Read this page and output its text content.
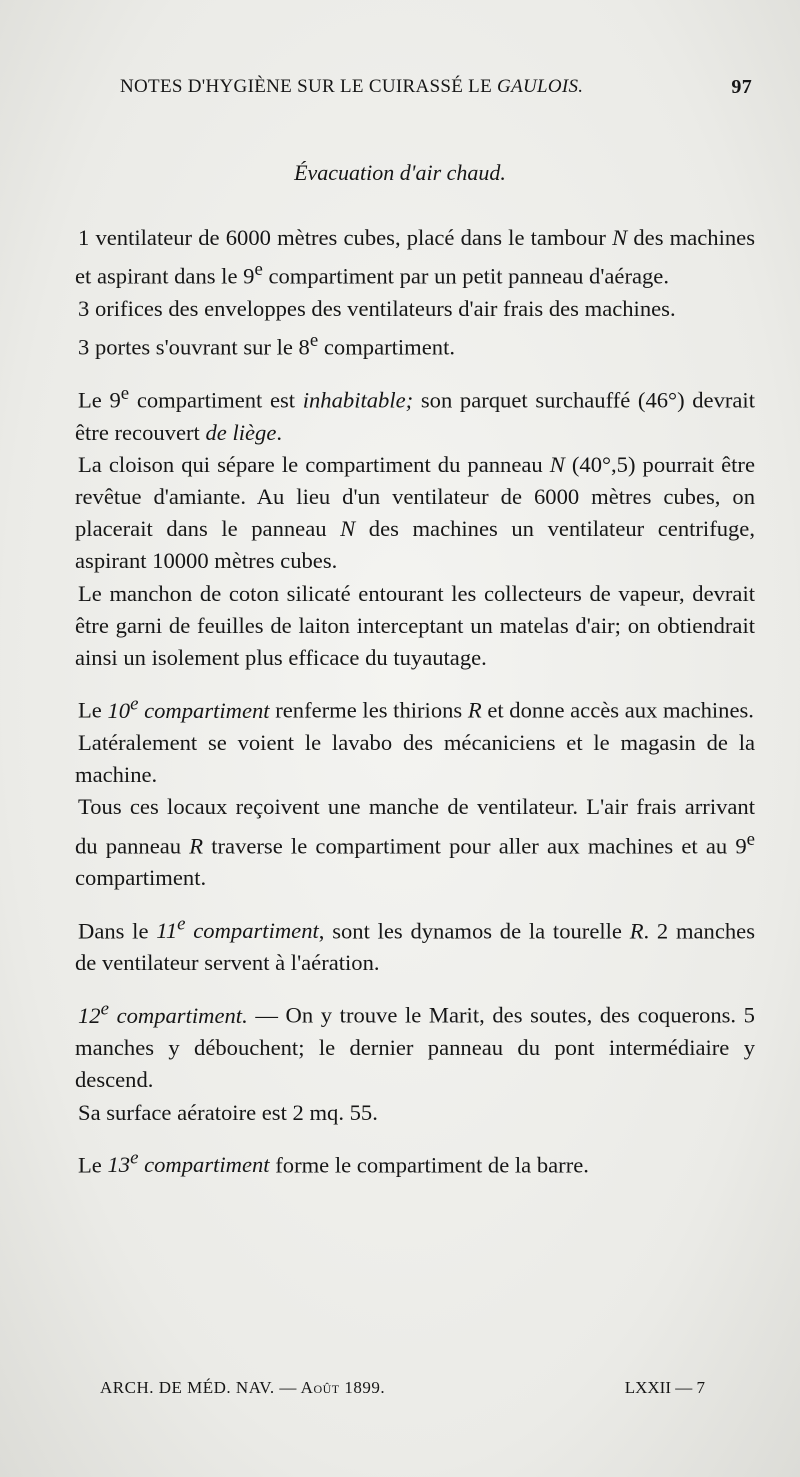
NOTES D'HYGIÈNE SUR LE CUIRASSÉ LE GAULOIS.	97
Évacuation d'air chaud.

1 ventilateur de 6000 mètres cubes, placé dans le tambour N des machines et aspirant dans le 9e compartiment par un petit panneau d'aérage.

3 orifices des enveloppes des ventilateurs d'air frais des machines.

3 portes s'ouvrant sur le 8e compartiment.

Le 9e compartiment est inhabitable; son parquet surchauffé (46°) devrait être recouvert de liège.

La cloison qui sépare le compartiment du panneau N (40°,5) pourrait être revêtue d'amiante. Au lieu d'un ventilateur de 6000 mètres cubes, on placerait dans le panneau N des machines un ventilateur centrifuge, aspirant 10000 mètres cubes.

Le manchon de coton silicaté entourant les collecteurs de vapeur, devrait être garni de feuilles de laiton interceptant un matelas d'air; on obtiendrait ainsi un isolement plus efficace du tuyautage.

Le 10e compartiment renferme les thirions R et donne accès aux machines.

Latéralement se voient le lavabo des mécaniciens et le magasin de la machine.

Tous ces locaux reçoivent une manche de ventilateur. L'air frais arrivant du panneau R traverse le compartiment pour aller aux machines et au 9e compartiment.

Dans le 11e compartiment, sont les dynamos de la tourelle R. 2 manches de ventilateur servent à l'aération.

12e compartiment. — On y trouve le Marit, des soutes, des coquerons. 5 manches y débouchent; le dernier panneau du pont intermédiaire y descend.

Sa surface aératoire est 2 mq. 55.

Le 13e compartiment forme le compartiment de la barre.

ARCH. DE MÉD. NAV. — Août 1899.	LXXII — 7
